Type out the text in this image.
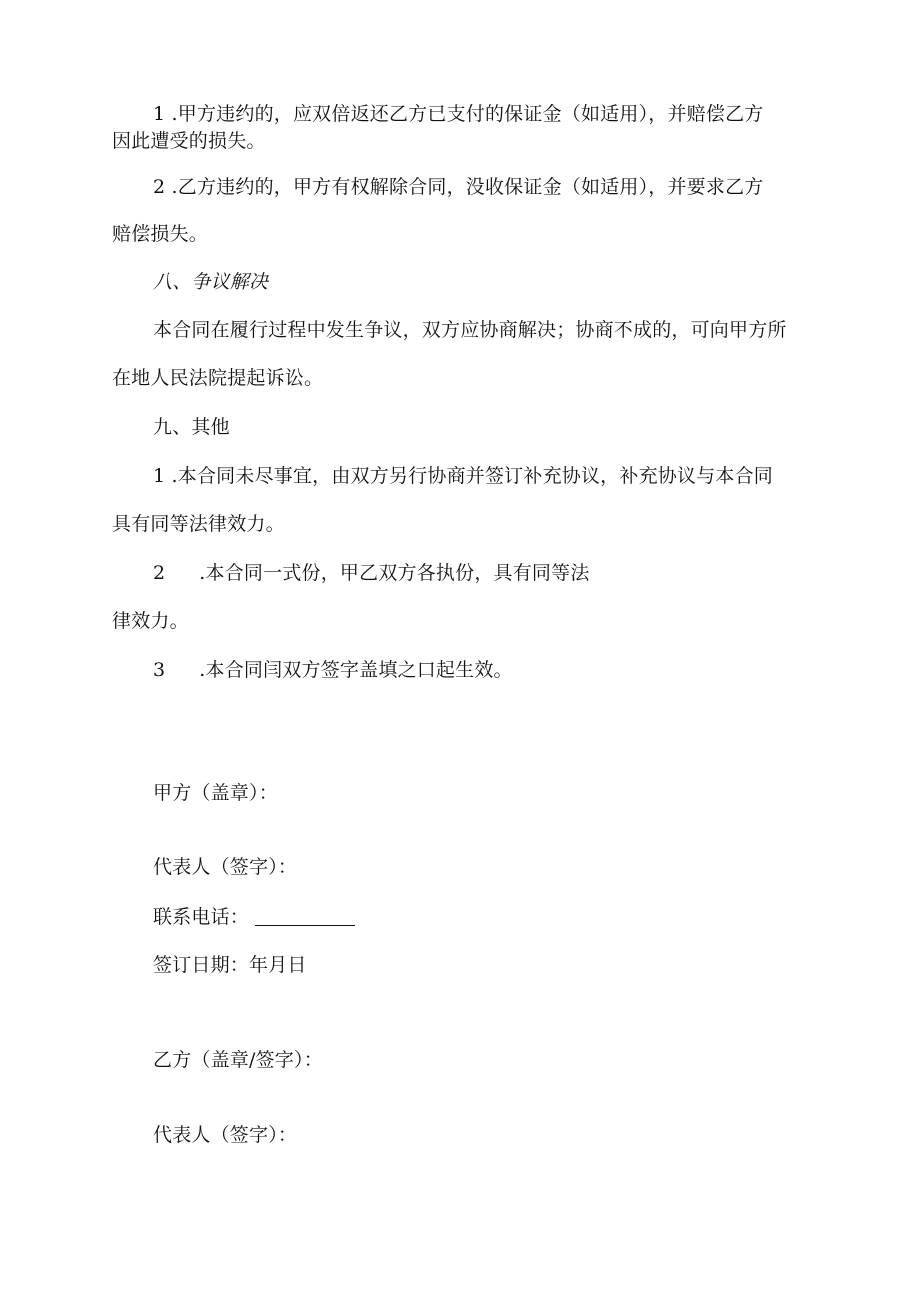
1 .甲方违约的，应双倍返还乙方已支付的保证金（如适用），并赔偿乙方
因此遭受的损失。
2 .乙方违约的，甲方有权解除合同，没收保证金（如适用），并要求乙方
赔偿损失。
八、争议解决
本合同在履行过程中发生争议，双方应协商解决；协商不成的，可向甲方所
在地人民法院提起诉讼。
九、其他
1 .本合同未尽事宜，由双方另行协商并签订补充协议，补充协议与本合同
具有同等法律效力。
2 .本合同一式份，甲乙双方各执份，具有同等法
律效力。
3 .本合同闫双方签字盖填之口起生效。
甲方（盖章）：
代表人（签字）：
联系电话：
签订日期：年月日
乙方（盖章/签字）：
代表人（签字）：
